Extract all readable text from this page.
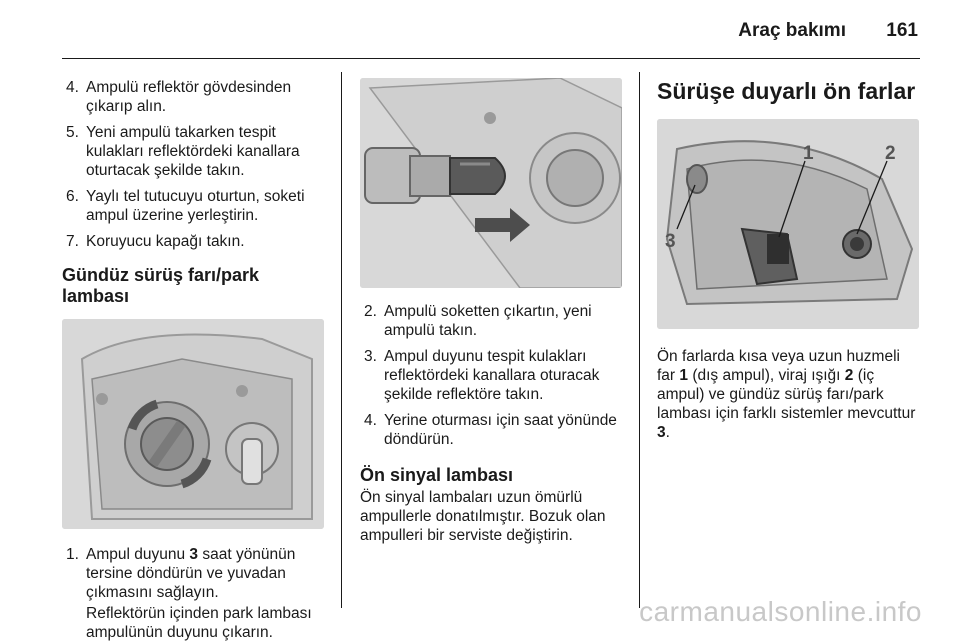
Araç bakımı 161
4. Ampulü reflektör gövdesinden çıkarıp alın.
5. Yeni ampulü takarken tespit kulakları reflektördeki kanallara oturtacak şekilde takın.
6. Yaylı tel tutucuyu oturtun, soketi ampul üzerine yerleştirin.
7. Koruyucu kapağı takın.
Gündüz sürüş farı/park lambası
1. Ampul duyunu 3 saat yönünün tersine döndürün ve yuvadan çıkmasını sağlayın.
Reflektörün içinden park lambası ampulünün duyunu çıkarın.
2. Ampulü soketten çıkartın, yeni ampulü takın.
3. Ampul duyunu tespit kulakları reflektördeki kanallara oturacak şekilde reflektöre takın.
4. Yerine oturması için saat yönünde döndürün.
Ön sinyal lambası

Ön sinyal lambaları uzun ömürlü ampullerle donatılmıştır. Bozuk olan ampulleri bir serviste değiştirin.

Sürüşe duyarlı ön farlar
1	2
3

Ön farlarda kısa veya uzun huzmeli far 1 (dış ampul), viraj ışığı 2 (iç ampul) ve gündüz sürüş farı/park lambası için farklı sistemler mevcuttur 3.

carmanualsonline.info
